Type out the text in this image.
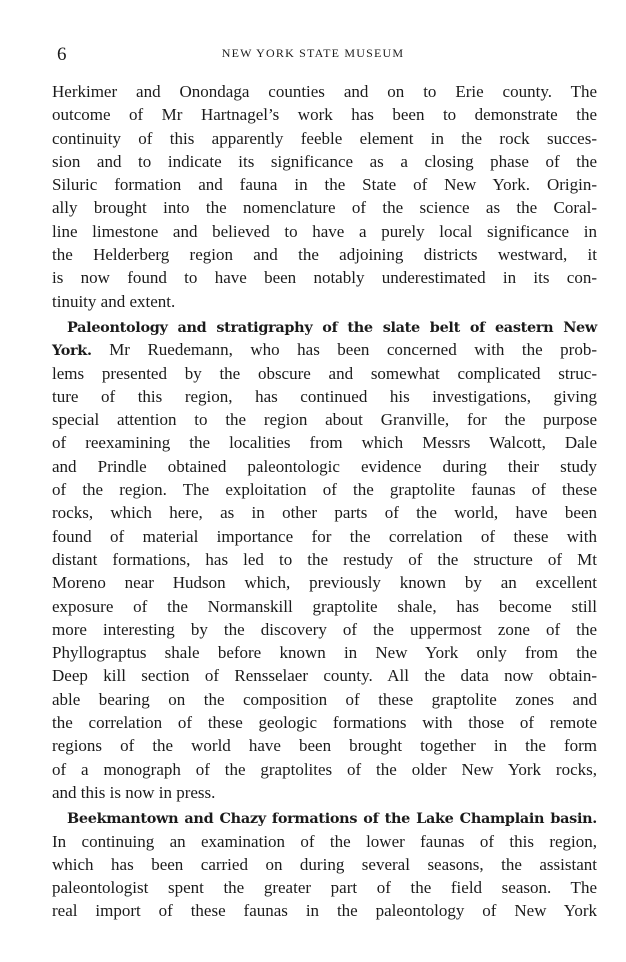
6	NEW YORK STATE MUSEUM
Herkimer and Onondaga counties and on to Erie county. The
outcome of Mr Hartnagel’s work has been to demonstrate the
continuity of this apparently feeble element in the rock succes-
sion and to indicate its significance as a closing phase of the
Siluric formation and fauna in the State of New York. Origin-
ally brought into the nomenclature of the science as the Coral-
line limestone and believed to have a purely local significance in
the Helderberg region and the adjoining districts westward, it
is now found to have been notably underestimated in its con-
tinuity and extent.
Paleontology and stratigraphy of the slate belt of eastern New
York. Mr Ruedemann, who has been concerned with the prob-
lems presented by the obscure and somewhat complicated struc-
ture of this region, has continued his investigations, giving
special attention to the region about Granville, for the purpose
of reexamining the localities from which Messrs Walcott, Dale
and Prindle obtained paleontologic evidence during their study
of the region. The exploitation of the graptolite faunas of these
rocks, which here, as in other parts of the world, have been
found of material importance for the correlation of these with
distant formations, has led to the restudy of the structure of Mt
Moreno near Hudson which, previously known by an excellent
exposure of the Normanskill graptolite shale, has become still
more interesting by the discovery of the uppermost zone of the
Phyllograptus shale before known in New York only from the
Deep kill section of Rensselaer county. All the data now obtain-
able bearing on the composition of these graptolite zones and
the correlation of these geologic formations with those of remote
regions of the world have been brought together in the form
of a monograph of the graptolites of the older New York rocks,
and this is now in press.
Beekmantown and Chazy formations of the Lake Champlain basin.
In continuing an examination of the lower faunas of this region,
which has been carried on during several seasons, the assistant
paleontologist spent the greater part of the field season. The
real import of these faunas in the paleontology of New York
